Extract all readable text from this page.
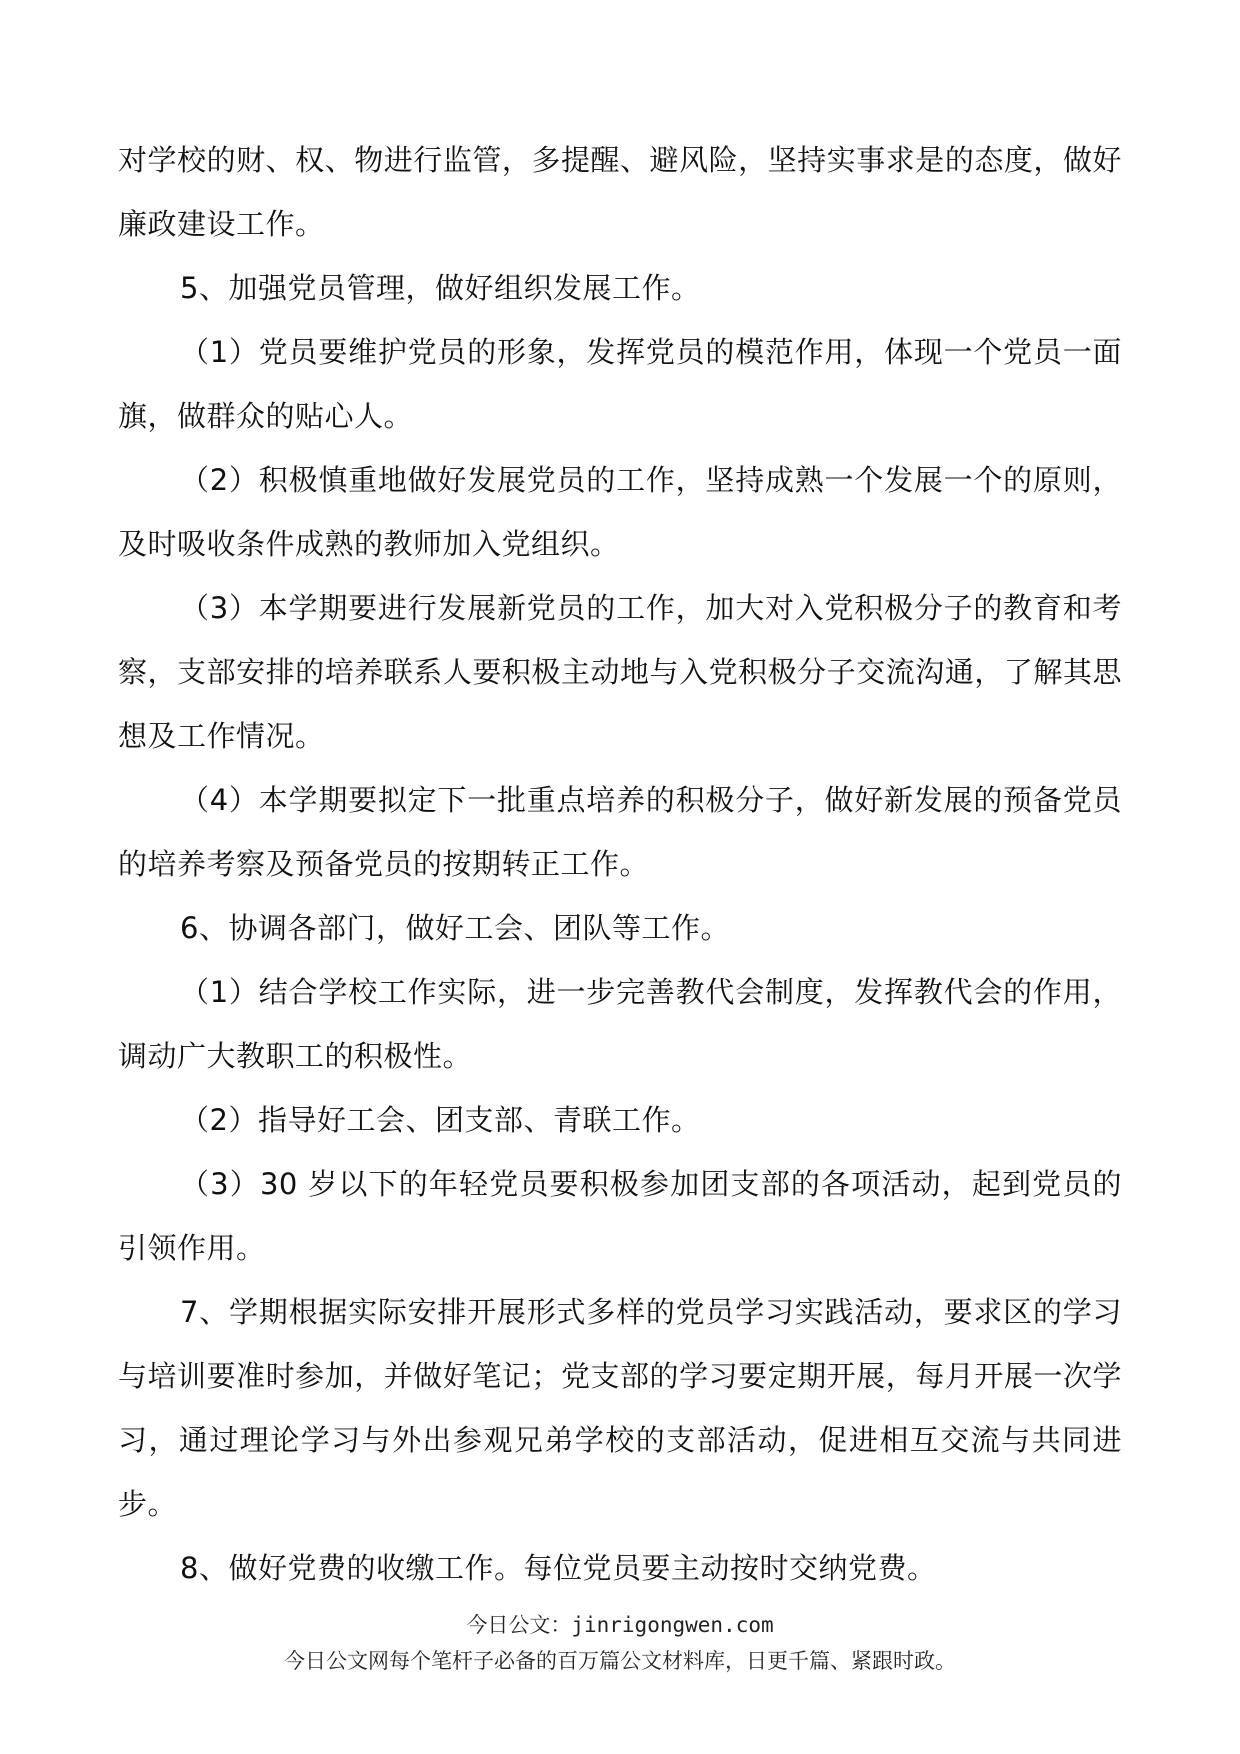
对学校的财、权、物进行监管，多提醒、避风险，坚持实事求是的态度，做好廉政建设工作。

5、加强党员管理，做好组织发展工作。

（1）党员要维护党员的形象，发挥党员的模范作用，体现一个党员一面旗，做群众的贴心人。

（2）积极慎重地做好发展党员的工作，坚持成熟一个发展一个的原则，及时吸收条件成熟的教师加入党组织。

（3）本学期要进行发展新党员的工作，加大对入党积极分子的教育和考察，支部安排的培养联系人要积极主动地与入党积极分子交流沟通，了解其思想及工作情况。

（4）本学期要拟定下一批重点培养的积极分子，做好新发展的预备党员的培养考察及预备党员的按期转正工作。

6、协调各部门，做好工会、团队等工作。

（1）结合学校工作实际，进一步完善教代会制度，发挥教代会的作用，调动广大教职工的积极性。

（2）指导好工会、团支部、青联工作。

（3）30 岁以下的年轻党员要积极参加团支部的各项活动，起到党员的引领作用。

7、学期根据实际安排开展形式多样的党员学习实践活动，要求区的学习与培训要准时参加，并做好笔记；党支部的学习要定期开展，每月开展一次学习，通过理论学习与外出参观兄弟学校的支部活动，促进相互交流与共同进步。

8、做好党费的收缴工作。每位党员要主动按时交纳党费。

今日公文：jinrigongwen.com
今日公文网每个笔杆子必备的百万篇公文材料库，日更千篇、紧跟时政。
